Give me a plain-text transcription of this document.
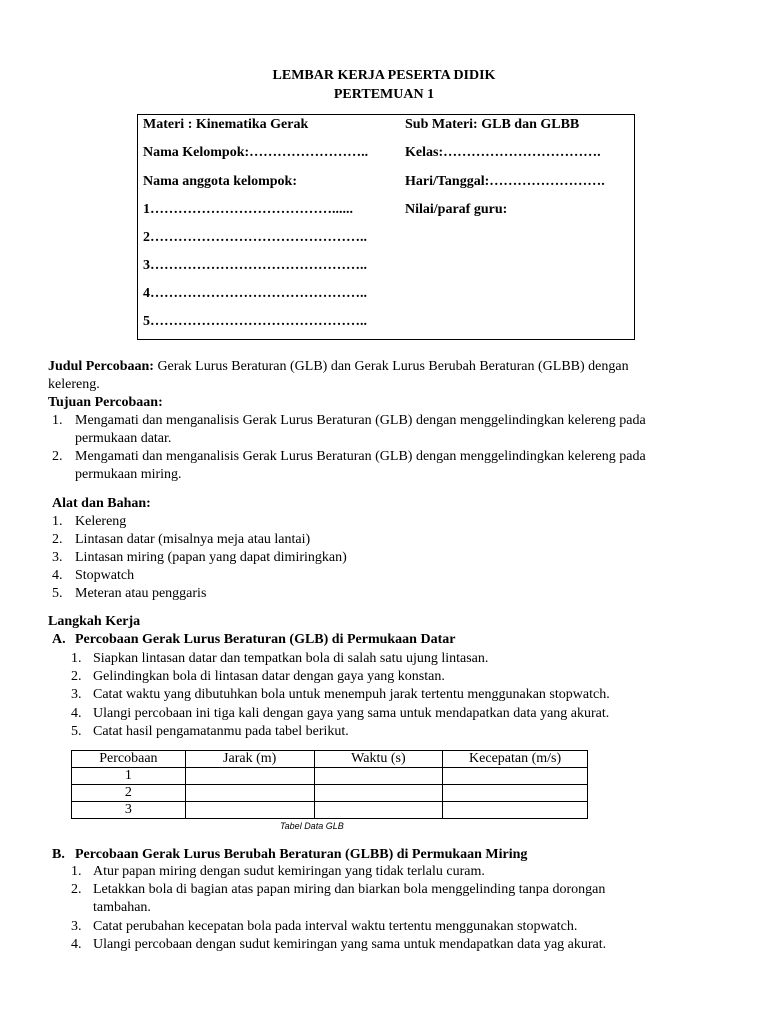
LEMBAR KERJA PESERTA DIDIK
PERTEMUAN 1
Materi : Kinematika Gerak	Sub Materi: GLB dan GLBB
Nama Kelompok:……………………..	Kelas:…………………………….
Nama anggota kelompok:	Hari/Tanggal:…………………….
1…………………………………......	Nilai/paraf guru:
2………………………………………..
3………………………………………..
4………………………………………..
5………………………………………..
Judul Percobaan: Gerak Lurus Beraturan (GLB) dan Gerak Lurus Berubah Beraturan (GLBB) dengan
kelereng.
Tujuan Percobaan:
1. Mengamati dan menganalisis Gerak Lurus Beraturan (GLB) dengan menggelindingkan kelereng pada
permukaan datar.
2. Mengamati dan menganalisis Gerak Lurus Beraturan (GLB) dengan menggelindingkan kelereng pada
permukaan miring.
Alat dan Bahan:
1. Kelereng
2. Lintasan datar (misalnya meja atau lantai)
3. Lintasan miring (papan yang dapat dimiringkan)
4. Stopwatch
5. Meteran atau penggaris
Langkah Kerja
A. Percobaan Gerak Lurus Beraturan (GLB) di Permukaan Datar
1. Siapkan lintasan datar dan tempatkan bola di salah satu ujung lintasan.
2. Gelindingkan bola di lintasan datar dengan gaya yang konstan.
3. Catat waktu yang dibutuhkan bola untuk menempuh jarak tertentu menggunakan stopwatch.
4. Ulangi percobaan ini tiga kali dengan gaya yang sama untuk mendapatkan data yang akurat.
5. Catat hasil pengamatanmu pada tabel berikut.
Percobaan	Jarak (m)	Waktu (s)	Kecepatan (m/s)
1			
2			
3			
Tabel Data GLB
B. Percobaan Gerak Lurus Berubah Beraturan (GLBB) di Permukaan Miring
1. Atur papan miring dengan sudut kemiringan yang tidak terlalu curam.
2. Letakkan bola di bagian atas papan miring dan biarkan bola menggelinding tanpa dorongan
tambahan.
3. Catat perubahan kecepatan bola pada interval waktu tertentu menggunakan stopwatch.
4. Ulangi percobaan dengan sudut kemiringan yang sama untuk mendapatkan data yag akurat.
